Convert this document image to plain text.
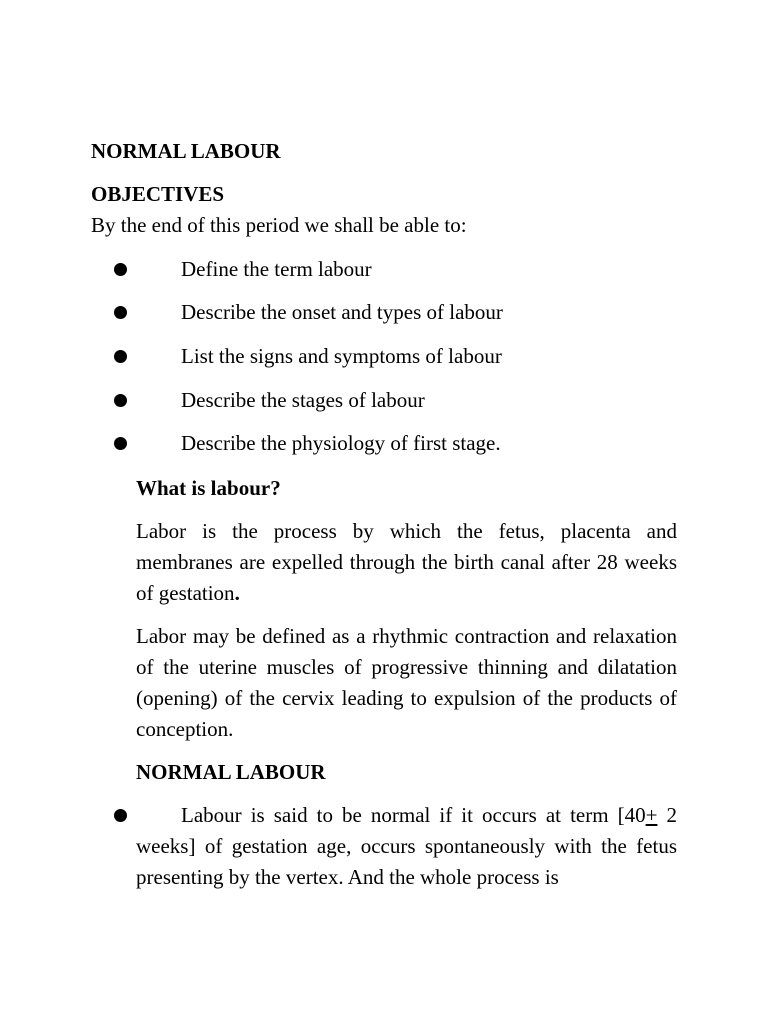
NORMAL LABOUR
OBJECTIVES
By the end of this period we shall be able to:
Define the term labour
Describe the onset and types of labour
List the signs and symptoms of labour
Describe the stages of labour
Describe the physiology of first stage.
What is labour?
Labor is the process by which the fetus, placenta and membranes are expelled through the birth canal after 28 weeks of gestation.
Labor may be defined as a rhythmic contraction and relaxation of the uterine muscles of progressive thinning and dilatation (opening) of the cervix leading to expulsion of the products of conception.
NORMAL LABOUR
Labour is said to be normal if it occurs at term [40+ 2 weeks] of gestation age, occurs spontaneously with the fetus presenting by the vertex. And the whole process is
